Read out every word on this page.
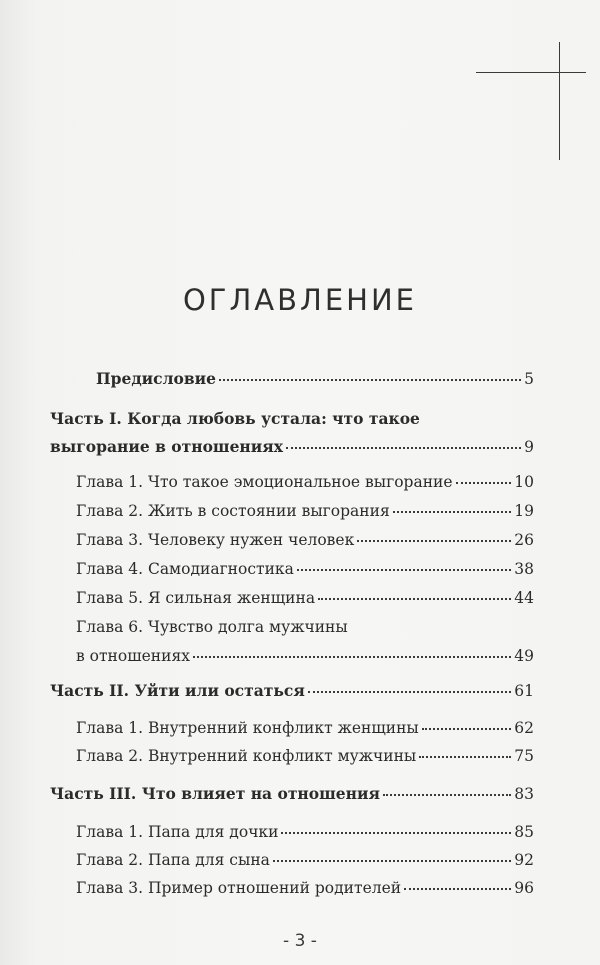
ОГЛАВЛЕНИЕ
Предисловие	5
Часть I. Когда любовь устала: что такое
выгорание в отношениях	9
Глава 1. Что такое эмоциональное выгорание	10
Глава 2. Жить в состоянии выгорания	19
Глава 3. Человеку нужен человек	26
Глава 4. Самодиагностика	38
Глава 5. Я сильная женщина	44
Глава 6. Чувство долга мужчины
в отношениях	49
Часть II. Уйти или остаться	61
Глава 1. Внутренний конфликт женщины	62
Глава 2. Внутренний конфликт мужчины	75
Часть III. Что влияет на отношения	83
Глава 1. Папа для дочки	85
Глава 2. Папа для сына	92
Глава 3. Пример отношений родителей	96
- 3 -
